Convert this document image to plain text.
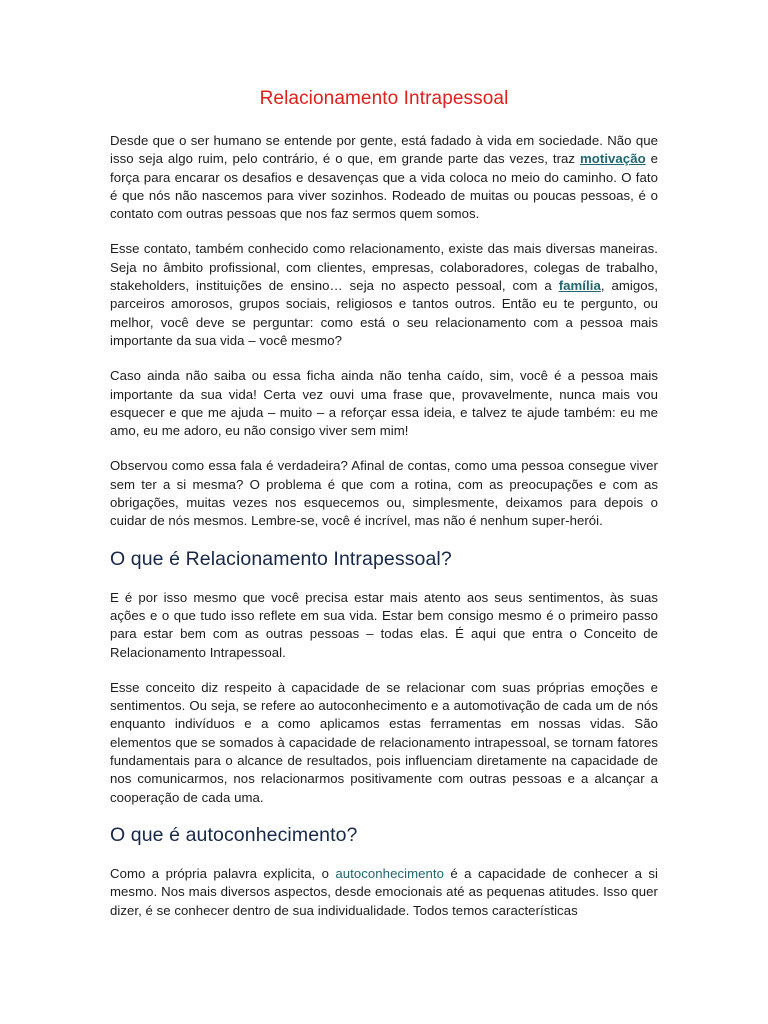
Relacionamento Intrapessoal

Desde que o ser humano se entende por gente, está fadado à vida em sociedade. Não que isso seja algo ruim, pelo contrário, é o que, em grande parte das vezes, traz motivação e força para encarar os desafios e desavenças que a vida coloca no meio do caminho. O fato é que nós não nascemos para viver sozinhos. Rodeado de muitas ou poucas pessoas, é o contato com outras pessoas que nos faz sermos quem somos.

Esse contato, também conhecido como relacionamento, existe das mais diversas maneiras. Seja no âmbito profissional, com clientes, empresas, colaboradores, colegas de trabalho, stakeholders, instituições de ensino… seja no aspecto pessoal, com a família, amigos, parceiros amorosos, grupos sociais, religiosos e tantos outros. Então eu te pergunto, ou melhor, você deve se perguntar: como está o seu relacionamento com a pessoa mais importante da sua vida – você mesmo?

Caso ainda não saiba ou essa ficha ainda não tenha caído, sim, você é a pessoa mais importante da sua vida! Certa vez ouvi uma frase que, provavelmente, nunca mais vou esquecer e que me ajuda – muito – a reforçar essa ideia, e talvez te ajude também: eu me amo, eu me adoro, eu não consigo viver sem mim!

Observou como essa fala é verdadeira? Afinal de contas, como uma pessoa consegue viver sem ter a si mesma? O problema é que com a rotina, com as preocupações e com as obrigações, muitas vezes nos esquecemos ou, simplesmente, deixamos para depois o cuidar de nós mesmos. Lembre-se, você é incrível, mas não é nenhum super-herói.

O que é Relacionamento Intrapessoal?

E é por isso mesmo que você precisa estar mais atento aos seus sentimentos, às suas ações e o que tudo isso reflete em sua vida. Estar bem consigo mesmo é o primeiro passo para estar bem com as outras pessoas – todas elas. É aqui que entra o Conceito de Relacionamento Intrapessoal.

Esse conceito diz respeito à capacidade de se relacionar com suas próprias emoções e sentimentos. Ou seja, se refere ao autoconhecimento e a automotivação de cada um de nós enquanto indivíduos e a como aplicamos estas ferramentas em nossas vidas. São elementos que se somados à capacidade de relacionamento intrapessoal, se tornam fatores fundamentais para o alcance de resultados, pois influenciam diretamente na capacidade de nos comunicarmos, nos relacionarmos positivamente com outras pessoas e a alcançar a cooperação de cada uma.

O que é autoconhecimento?

Como a própria palavra explicita, o autoconhecimento é a capacidade de conhecer a si mesmo. Nos mais diversos aspectos, desde emocionais até as pequenas atitudes. Isso quer dizer, é se conhecer dentro de sua individualidade. Todos temos características
